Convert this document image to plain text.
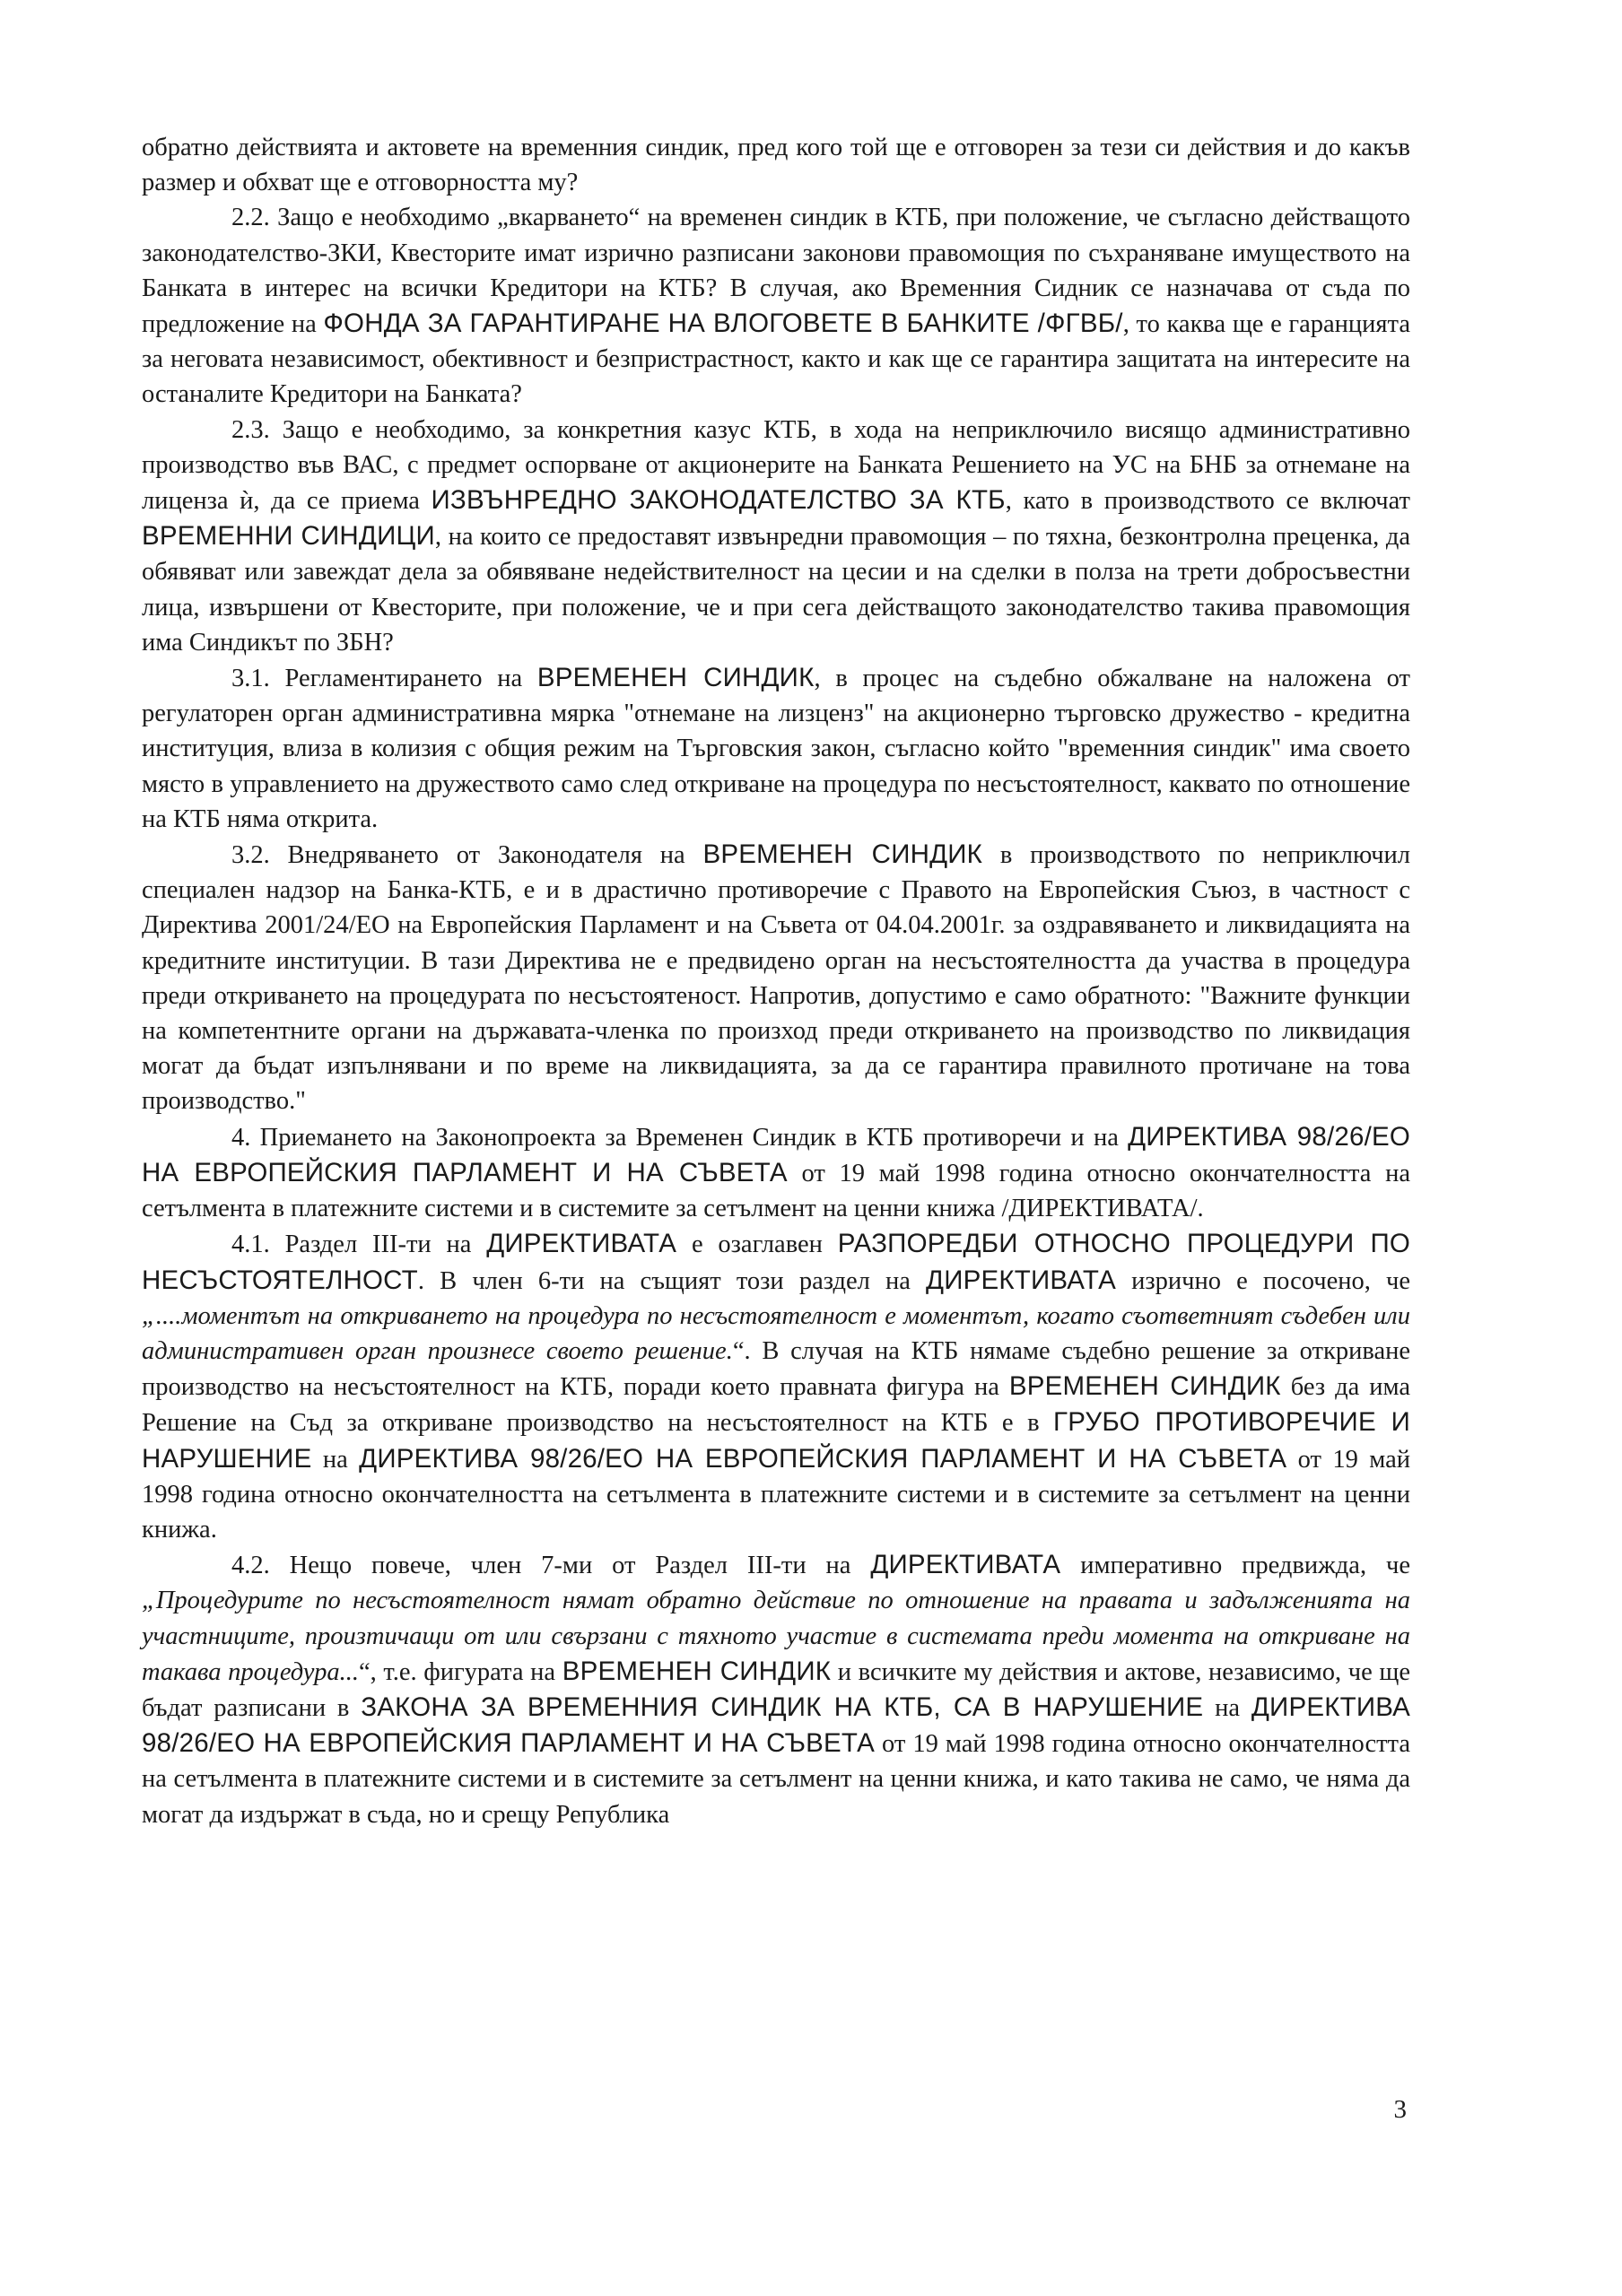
обратно действията и актовете на временния синдик, пред кого той ще е отговорен за тези си действия и до какъв размер и обхват ще е отговорността му?

2.2. Защо е необходимо „вкарването“ на временен синдик в КТБ, при положение, че съгласно действащото законодателство-ЗКИ, Квесторите имат изрично разписани законови правомощия по съхраняване имуществото на Банката в интерес на всички Кредитори на КТБ? В случая, ако Временния Сидник се назначава от съда по предложение на ФОНДА ЗА ГАРАНТИРАНЕ НА ВЛОГОВЕТЕ В БАНКИТЕ /ФГВБ/, то каква ще е гаранцията за неговата независимост, обективност и безпристрастност, както и как ще се гарантира защитата на интересите на останалите Кредитори на Банката?

2.3. Защо е необходимо, за конкретния казус КТБ, в хода на неприключило висящо административно производство във ВАС, с предмет оспорване от акционерите на Банката Решението на УС на БНБ за отнемане на лиценза ѝ, да се приема ИЗВЪНРЕДНО ЗАКОНОДАТЕЛСТВО ЗА КТБ, като в производството се включат ВРЕМЕННИ СИНДИЦИ, на които се предоставят извънредни правомощия – по тяхна, безконтролна преценка, да обявяват или завеждат дела за обявяване недействителност на цесии и на сделки в полза на трети добросъвестни лица, извършени от Квесторите, при положение, че и при сега действащото законодателство такива правомощия има Синдикът по ЗБН?

3.1. Регламентирането на ВРЕМЕНЕН СИНДИК, в процес на съдебно обжалване на наложена от регулаторен орган административна мярка "отнемане на лизценз" на акционерно търговско дружество - кредитна институция, влиза в колизия с общия режим на Търговския закон, съгласно който "временния синдик" има своето място в управлението на дружеството само след откриване на процедура по несъстоятелност, каквато по отношение на КТБ няма открита.

3.2. Внедряването от Законодателя на ВРЕМЕНЕН СИНДИК в производството по неприключил специален надзор на Банка-КТБ, е и в драстично противоречие с Правото на Европейския Съюз, в частност с Директива 2001/24/ЕО на Европейския Парламент и на Съвета от 04.04.2001г. за оздравяването и ликвидацията на кредитните институции. В тази Директива не е предвидено орган на несъстоятелността да участва в процедура преди откриването на процедурата по несъстоятеност. Напротив, допустимо е само обратното: "Важните функции на компетентните органи на държавата-членка по произход преди откриването на производство по ликвидация могат да бъдат изпълнявани и по време на ликвидацията, за да се гарантира правилното протичане на това производство."

4. Приемането на Законопроекта за Временен Синдик в КТБ противоречи и на ДИРЕКТИВА 98/26/ЕО НА ЕВРОПЕЙСКИЯ ПАРЛАМЕНТ И НА СЪВЕТА от 19 май 1998 година относно окончателността на сетълмента в платежните системи и в системите за сетълмент на ценни книжа /ДИРЕКТИВАТА/.

4.1. Раздел III-ти на ДИРЕКТИВАТА е озаглавен РАЗПОРЕДБИ ОТНОСНО ПРОЦЕДУРИ ПО НЕСЪСТОЯТЕЛНОСТ. В член 6-ти на същият този раздел на ДИРЕКТИВАТА изрично е посочено, че „....моментът на откриването на процедура по несъстоятелност е моментът, когато съответният съдебен или административен орган произнесе своето решение.“. В случая на КТБ нямаме съдебно решение за откриване производство на несъстоятелност на КТБ, поради което правната фигура на ВРЕМЕНЕН СИНДИК без да има Решение на Съд за откриване производство на несъстоятелност на КТБ е в ГРУБО ПРОТИВОРЕЧИЕ И НАРУШЕНИЕ на ДИРЕКТИВА 98/26/ЕО НА ЕВРОПЕЙСКИЯ ПАРЛАМЕНТ И НА СЪВЕТА от 19 май 1998 година относно окончателността на сетълмента в платежните системи и в системите за сетълмент на ценни книжа.

4.2. Нещо повече, член 7-ми от Раздел III-ти на ДИРЕКТИВАТА императивно предвижда, че „Процедурите по несъстоятелност нямат обратно действие по отношение на правата и задълженията на участниците, произтичащи от или свързани с тяхното участие в системата преди момента на откриване на такава процедура...“, т.е. фигурата на ВРЕМЕНЕН СИНДИК и всичките му действия и актове, независимо, че ще бъдат разписани в ЗАКОНА ЗА ВРЕМЕННИЯ СИНДИК НА КТБ, СА В НАРУШЕНИЕ на ДИРЕКТИВА 98/26/ЕО НА ЕВРОПЕЙСКИЯ ПАРЛАМЕНТ И НА СЪВЕТА от 19 май 1998 година относно окончателността на сетълмента в платежните системи и в системите за сетълмент на ценни книжа, и като такива не само, че няма да могат да издържат в съда, но и срещу Република

3
